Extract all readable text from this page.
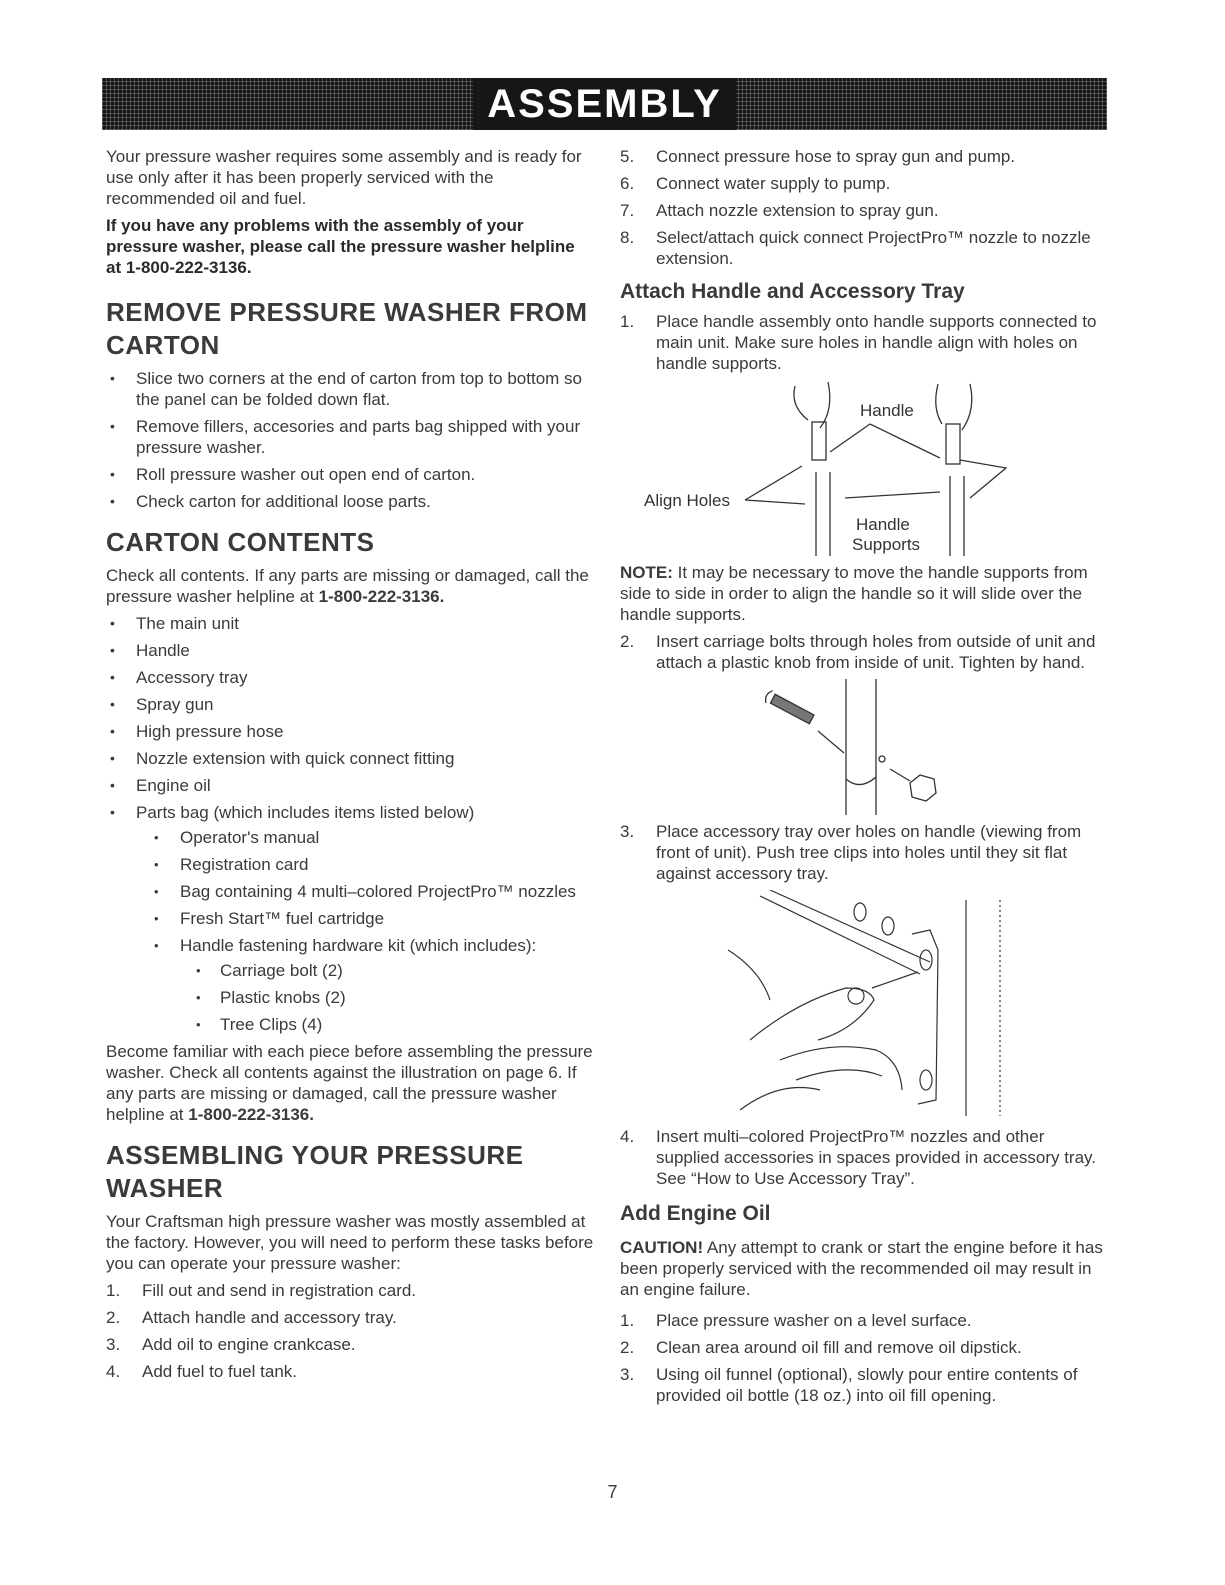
ASSEMBLY

Your pressure washer requires some assembly and is ready for use only after it has been properly serviced with the recommended oil and fuel.

If you have any problems with the assembly of your pressure washer, please call the pressure washer helpline at 1-800-222-3136.

REMOVE PRESSURE WASHER FROM CARTON
• Slice two corners at the end of carton from top to bottom so the panel can be folded down flat.
• Remove fillers, accesories and parts bag shipped with your pressure washer.
• Roll pressure washer out open end of carton.
• Check carton for additional loose parts.
CARTON CONTENTS

Check all contents. If any parts are missing or damaged, call the pressure washer helpline at 1-800-222-3136.

• The main unit
• Handle
• Accessory tray
• Spray gun
• High pressure hose
• Nozzle extension with quick connect fitting
• Engine oil
• Parts bag (which includes items listed below)
• Operator's manual
• Registration card
• Bag containing 4 multi–colored ProjectPro™ nozzles
• Fresh Start™ fuel cartridge
• Handle fastening hardware kit (which includes):
• Carriage bolt (2)
• Plastic knobs (2)
• Tree Clips (4)

Become familiar with each piece before assembling the pressure washer. Check all contents against the illustration on page 6. If any parts are missing or damaged, call the pressure washer helpline at 1-800-222-3136.

ASSEMBLING YOUR PRESSURE WASHER

Your Craftsman high pressure washer was mostly assembled at the factory. However, you will need to perform these tasks before you can operate your pressure washer:

1. Fill out and send in registration card.
2. Attach handle and accessory tray.
3. Add oil to engine crankcase.
4. Add fuel to fuel tank.
5. Connect pressure hose to spray gun and pump.
6. Connect water supply to pump.
7. Attach nozzle extension to spray gun.
8. Select/attach quick connect ProjectPro™ nozzle to nozzle extension.
Attach Handle and Accessory Tray
1. Place handle assembly onto handle supports connected to main unit. Make sure holes in handle align with holes on handle supports.
Handle
Align Holes
Handle
Supports

NOTE: It may be necessary to move the handle supports from side to side in order to align the handle so it will slide over the handle supports.

2. Insert carriage bolts through holes from outside of unit and attach a plastic knob from inside of unit. Tighten by hand.
3. Place accessory tray over holes on handle (viewing from front of unit). Push tree clips into holes until they sit flat against accessory tray.
4. Insert multi–colored ProjectPro™ nozzles and other supplied accessories in spaces provided in accessory tray. See “How to Use Accessory Tray”.
Add Engine Oil

CAUTION! Any attempt to crank or start the engine before it has been properly serviced with the recommended oil may result in an engine failure.

1. Place pressure washer on a level surface.
2. Clean area around oil fill and remove oil dipstick.
3. Using oil funnel (optional), slowly pour entire contents of provided oil bottle (18 oz.) into oil fill opening.
7
